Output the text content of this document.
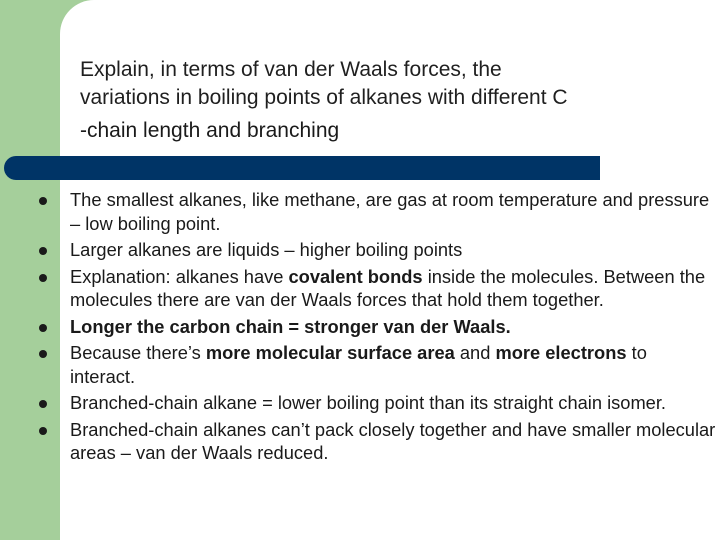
Explain, in terms of van der Waals forces, the
variations in boiling points of alkanes with different C

-chain length and branching

The smallest alkanes, like methane, are gas at room temperature and pressure – low boiling point.
Larger alkanes are liquids – higher boiling points
Explanation: alkanes have covalent bonds inside the molecules. Between the molecules there are van der Waals forces that hold them together.
Longer the carbon chain = stronger van der Waals.
Because there’s more molecular surface area and more electrons to interact.
Branched-chain alkane = lower boiling point than its straight chain isomer.
Branched-chain alkanes can’t pack closely together and have smaller molecular areas – van der Waals reduced.
